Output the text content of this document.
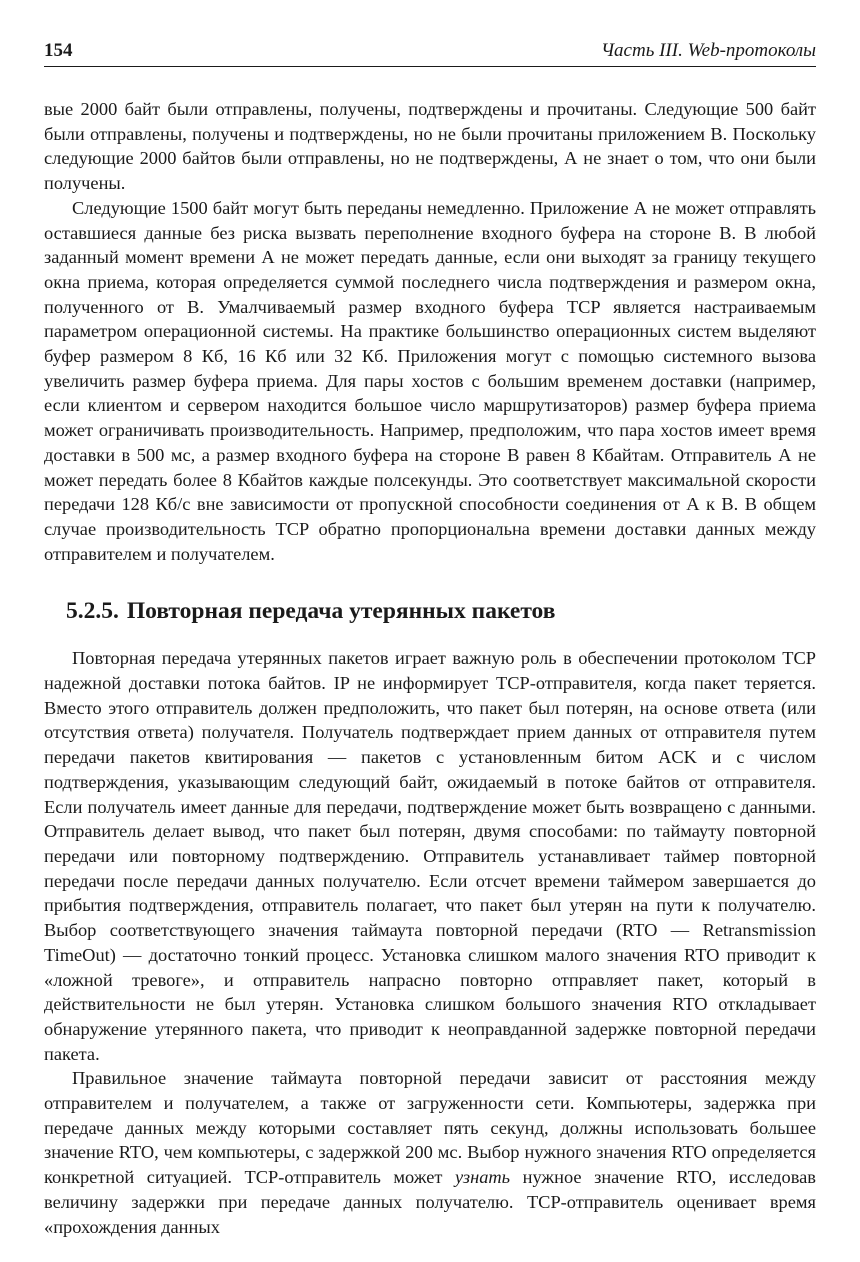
154	Часть III. Web-протоколы

вые 2000 байт были отправлены, получены, подтверждены и прочитаны. Следующие 500 байт были отправлены, получены и подтверждены, но не были прочитаны приложением В. Поскольку следующие 2000 байтов были отправлены, но не подтверждены, А не знает о том, что они были получены.

Следующие 1500 байт могут быть переданы немедленно. Приложение А не может отправлять оставшиеся данные без риска вызвать переполнение входного буфера на стороне В. В любой заданный момент времени А не может передать данные, если они выходят за границу текущего окна приема, которая определяется суммой последнего числа подтверждения и размером окна, полученного от В. Умалчиваемый размер входного буфера TCP является настраиваемым параметром операционной системы. На практике большинство операционных систем выделяют буфер размером 8 Кб, 16 Кб или 32 Кб. Приложения могут с помощью системного вызова увеличить размер буфера приема. Для пары хостов с большим временем доставки (например, если клиентом и сервером находится большое число маршрутизаторов) размер буфера приема может ограничивать производительность. Например, предположим, что пара хостов имеет время доставки в 500 мс, а размер входного буфера на стороне В равен 8 Кбайтам. Отправитель А не может передать более 8 Кбайтов каждые полсекунды. Это соответствует максимальной скорости передачи 128 Кб/с вне зависимости от пропускной способности соединения от А к В. В общем случае производительность TCP обратно пропорциональна времени доставки данных между отправителем и получателем.

5.2.5. Повторная передача утерянных пакетов

Повторная передача утерянных пакетов играет важную роль в обеспечении протоколом TCP надежной доставки потока байтов. IP не информирует TCP-отправителя, когда пакет теряется. Вместо этого отправитель должен предположить, что пакет был потерян, на основе ответа (или отсутствия ответа) получателя. Получатель подтверждает прием данных от отправителя путем передачи пакетов квитирования — пакетов с установленным битом ACK и с числом подтверждения, указывающим следующий байт, ожидаемый в потоке байтов от отправителя. Если получатель имеет данные для передачи, подтверждение может быть возвращено с данными. Отправитель делает вывод, что пакет был потерян, двумя способами: по таймауту повторной передачи или повторному подтверждению. Отправитель устанавливает таймер повторной передачи после передачи данных получателю. Если отсчет времени таймером завершается до прибытия подтверждения, отправитель полагает, что пакет был утерян на пути к получателю. Выбор соответствующего значения таймаута повторной передачи (RTO — Retransmission TimeOut) — достаточно тонкий процесс. Установка слишком малого значения RTO приводит к «ложной тревоге», и отправитель напрасно повторно отправляет пакет, который в действительности не был утерян. Установка слишком большого значения RTO откладывает обнаружение утерянного пакета, что приводит к неоправданной задержке повторной передачи пакета.

Правильное значение таймаута повторной передачи зависит от расстояния между отправителем и получателем, а также от загруженности сети. Компьютеры, задержка при передаче данных между которыми составляет пять секунд, должны использовать большее значение RTO, чем компьютеры, с задержкой 200 мс. Выбор нужного значения RTO определяется конкретной ситуацией. TCP-отправитель может узнать нужное значение RTO, исследовав величину задержки при передаче данных получателю. TCP-отправитель оценивает время «прохождения данных
